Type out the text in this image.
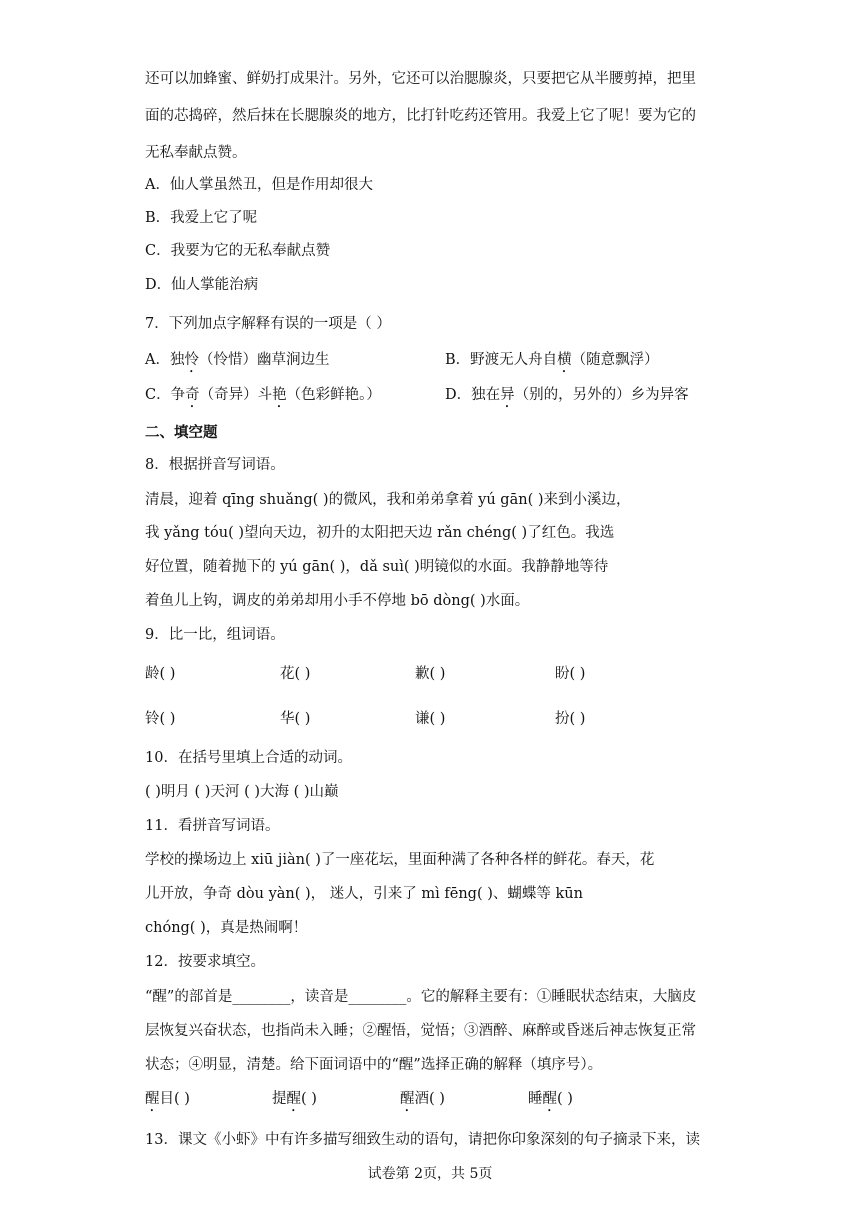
还可以加蜂蜜、鲜奶打成果汁。另外，它还可以治腮腺炎，只要把它从半腰剪掉，把里
面的芯捣碎，然后抹在长腮腺炎的地方，比打针吃药还管用。我爱上它了呢！要为它的
无私奉献点赞。
A．仙人掌虽然丑，但是作用却很大
B．我爱上它了呢
C．我要为它的无私奉献点赞
D．仙人掌能治病
7．下列加点字解释有误的一项是（ ）
A．独怜（怜惜）幽草涧边生	B．野渡无人舟自横（随意飘浮）
C．争奇（奇异）斗艳（色彩鲜艳。）	D．独在异（别的，另外的）乡为异客
二、填空题
8．根据拼音写词语。
清晨，迎着 qīng shuǎng( )的微风，我和弟弟拿着 yú gān( )来到小溪边，
我 yǎng tóu( )望向天边，初升的太阳把天边 rǎn chéng( )了红色。我选
好位置，随着抛下的 yú gān( )，dǎ suì( )明镜似的水面。我静静地等待
着鱼儿上钩，调皮的弟弟却用小手不停地 bō dòng( )水面。
9．比一比，组词语。
龄( )	花( )	歉( )	盼( )
铃( )	华( )	谦( )	扮( )
10．在括号里填上合适的动词。
( )明月 ( )天河 ( )大海 ( )山巅
11．看拼音写词语。
学校的操场边上 xiū jiàn( )了一座花坛，里面种满了各种各样的鲜花。春天，花
儿开放，争奇 dòu yàn( )， 迷人，引来了 mì fēng( )、蝴蝶等 kūn
chóng( )，真是热闹啊！
12．按要求填空。
“醒”的部首是________，读音是________。它的解释主要有：①睡眠状态结束，大脑皮
层恢复兴奋状态，也指尚未入睡；②醒悟，觉悟；③酒醉、麻醉或昏迷后神志恢复正常
状态；④明显，清楚。给下面词语中的“醒”选择正确的解释（填序号）。
醒目( )	提醒( )	醒酒( )	睡醒( )
13．课文《小虾》中有许多描写细致生动的语句，请把你印象深刻的句子摘录下来，读
试卷第 2页，共 5页
